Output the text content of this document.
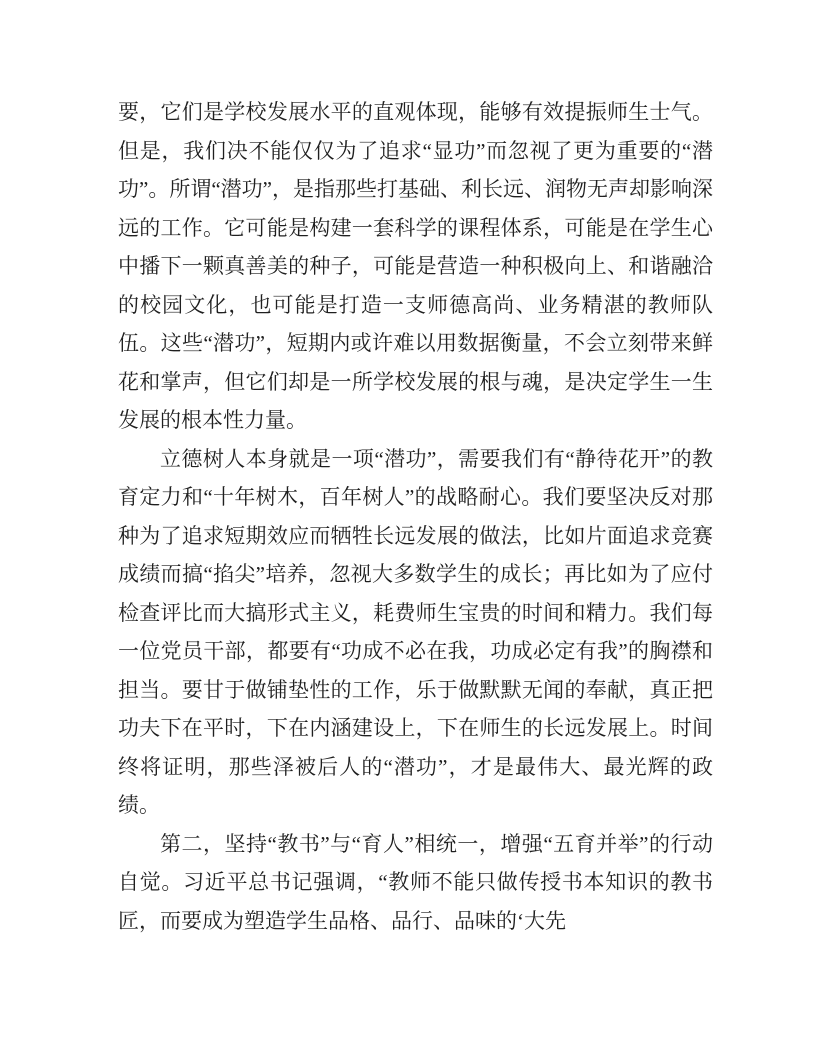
要，它们是学校发展水平的直观体现，能够有效提振师生士气。但是，我们决不能仅仅为了追求“显功”而忽视了更为重要的“潜功”。所谓“潜功”，是指那些打基础、利长远、润物无声却影响深远的工作。它可能是构建一套科学的课程体系，可能是在学生心中播下一颗真善美的种子，可能是营造一种积极向上、和谐融洽的校园文化，也可能是打造一支师德高尚、业务精湛的教师队伍。这些“潜功”，短期内或许难以用数据衡量，不会立刻带来鲜花和掌声，但它们却是一所学校发展的根与魂，是决定学生一生发展的根本性力量。

立德树人本身就是一项“潜功”，需要我们有“静待花开”的教育定力和“十年树木，百年树人”的战略耐心。我们要坚决反对那种为了追求短期效应而牺牲长远发展的做法，比如片面追求竞赛成绩而搞“掐尖”培养，忽视大多数学生的成长；再比如为了应付检查评比而大搞形式主义，耗费师生宝贵的时间和精力。我们每一位党员干部，都要有“功成不必在我，功成必定有我”的胸襟和担当。要甘于做铺垫性的工作，乐于做默默无闻的奉献，真正把功夫下在平时，下在内涵建设上，下在师生的长远发展上。时间终将证明，那些泽被后人的“潜功”，才是最伟大、最光辉的政绩。

第二，坚持“教书”与“育人”相统一，增强“五育并举”的行动自觉。习近平总书记强调，“教师不能只做传授书本知识的教书匠，而要成为塑造学生品格、品行、品味的‘大先
